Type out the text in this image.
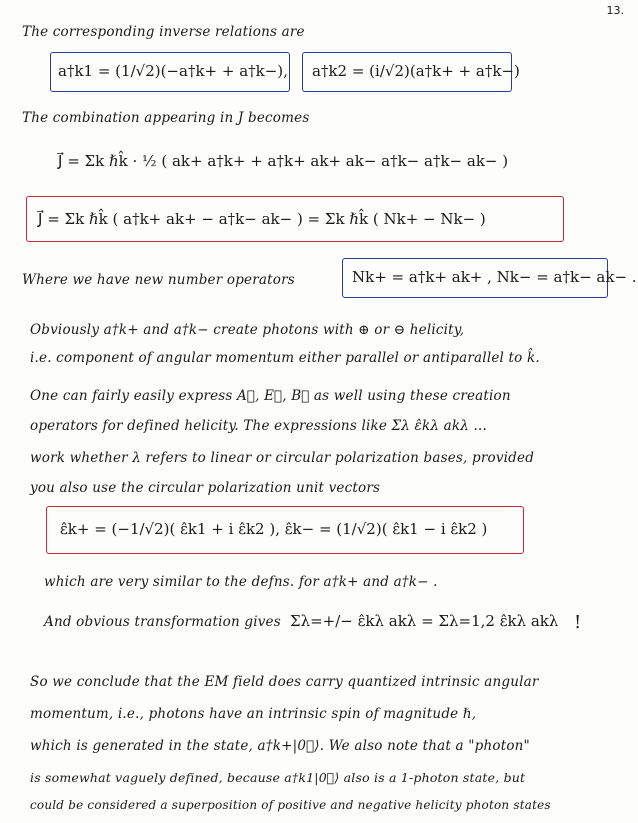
13.
The corresponding inverse relations are
a†k1 = (1/√2)(−a†k+ + a†k−), a†k2 = (i/√2)(a†k+ + a†k−)
The combination appearing in J becomes
J⃗ = Σk ℏk̂ · ½ ( ak+ a†k+ + a†k+ ak+ ak− a†k− a†k− ak− )
J⃗ = Σk ℏk̂ ( a†k+ ak+ − a†k− ak− ) = Σk ℏk̂ ( Nk+ − Nk− )
Where we have new number operators	Nk+ = a†k+ ak+ , Nk− = a†k− ak− .
Obviously a†k+ and a†k− create photons with ⊕ or ⊖ helicity,
i.e. component of angular momentum either parallel or antiparallel to k̂.
One can fairly easily express A⃗, E⃗, B⃗ as well using these creation
operators for defined helicity. The expressions like Σλ ε̂kλ akλ ...
work whether λ refers to linear or circular polarization bases, provided
you also use the circular polarization unit vectors
ε̂k+ = (−1/√2)( ε̂k1 + i ε̂k2 ), ε̂k− = (1/√2)( ε̂k1 − i ε̂k2 )
which are very similar to the defns. for a†k+ and a†k− .
And obvious transformation gives Σλ=+/− ε̂kλ akλ = Σλ=1,2 ε̂kλ akλ !
So we conclude that the EM field does carry quantized intrinsic angular
momentum, i.e., photons have an intrinsic spin of magnitude ℏ,
which is generated in the state, a†k+|0⃗⟩. We also note that a "photon"
is somewhat vaguely defined, because a†k1|0⃗⟩ also is a 1-photon state, but
could be considered a superposition of positive and negative helicity photon states
